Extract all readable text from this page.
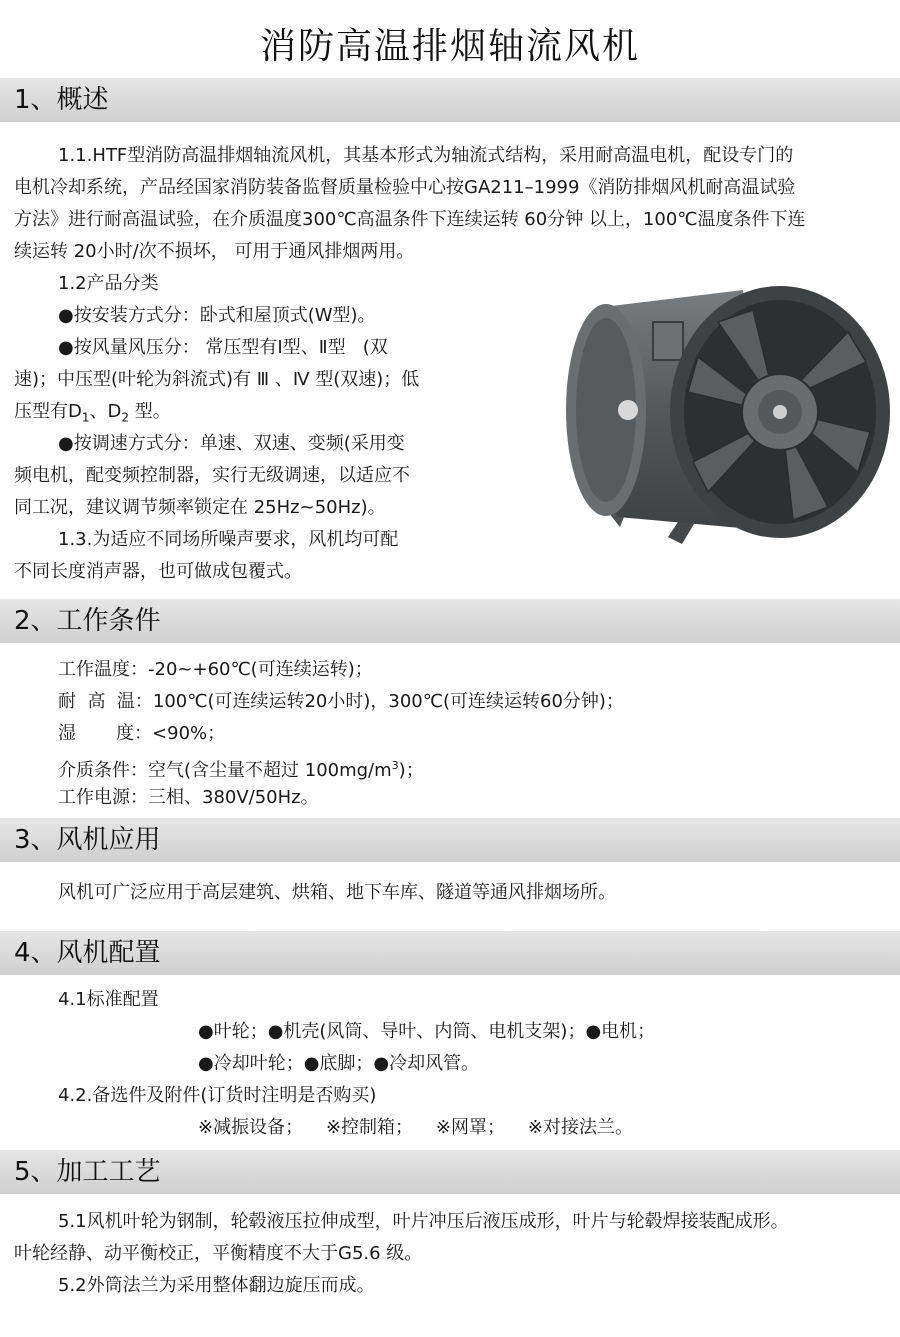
消防高温排烟轴流风机
1、概述
1.1.HTF型消防高温排烟轴流风机，其基本形式为轴流式结构，采用耐高温电机，配设专门的
电机冷却系统，产品经国家消防装备监督质量检验中心按GA211–1999《消防排烟风机耐高温试验
方法》进行耐高温试验，在介质温度300℃高温条件下连续运转 60分钟 以上，100℃温度条件下连
续运转 20小时/次不损坏， 可用于通风排烟两用。
1.2产品分类
●按安装方式分：卧式和屋顶式(W型)。
●按风量风压分： 常压型有Ⅰ型、Ⅱ型   (双
速)；中压型(叶轮为斜流式)有 Ⅲ 、Ⅳ 型(双速)；低
压型有$D_1$、$D_2$ 型。
●按调速方式分：单速、双速、变频(采用变
频电机，配变频控制器，实行无级调速，以适应不
同工况，建议调节频率锁定在 25Hz~50Hz)。
1.3.为适应不同场所噪声要求，风机均可配
不同长度消声器，也可做成包覆式。
2、工作条件
工作温度：-20~+60℃(可连续运转)；
耐  高  温：100℃(可连续运转20小时)，300℃(可连续运转60分钟)；
湿       度：<90%；
介质条件：空气(含尘量不超过 $100mg/m^3$)；
工作电源：三相、380V/50Hz。
3、风机应用
风机可广泛应用于高层建筑、烘箱、地下车库、隧道等通风排烟场所。
4、风机配置
4.1标准配置
●叶轮；●机壳(风筒、导叶、内筒、电机支架)；●电机；
●冷却叶轮；●底脚；●冷却风管。
4.2.备选件及附件(订货时注明是否购买)
※减振设备；    ※控制箱；    ※网罩；    ※对接法兰。
5、加工工艺
5.1风机叶轮为钢制，轮毂液压拉伸成型，叶片冲压后液压成形，叶片与轮毂焊接装配成形。
叶轮经静、动平衡校正，平衡精度不大于G5.6 级。
5.2外筒法兰为采用整体翻边旋压而成。
